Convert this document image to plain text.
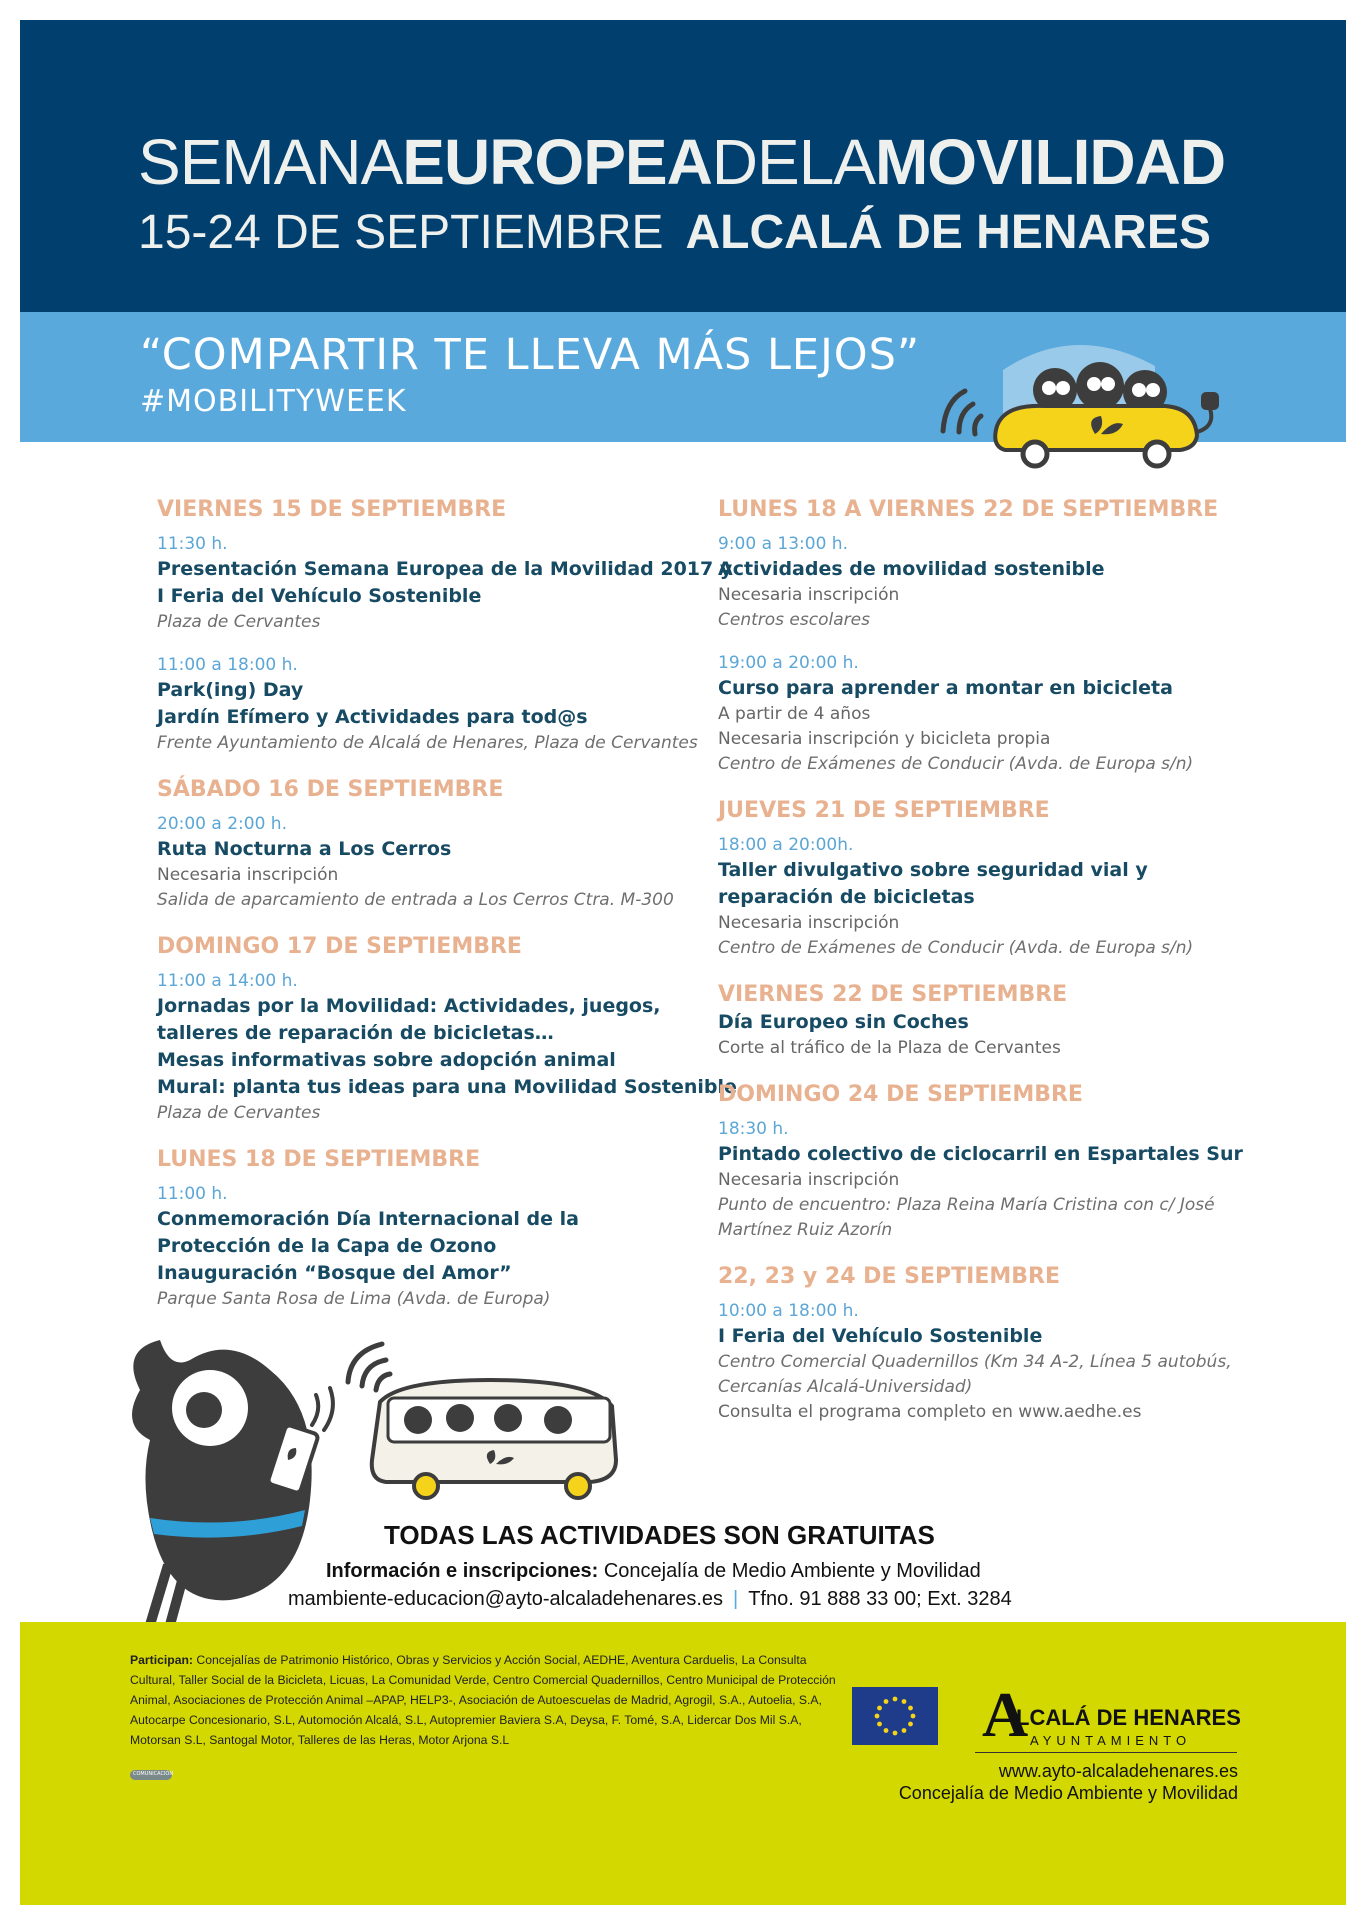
SEMANAEUROPEADELAMOVILIDAD
15-24 DE SEPTIEMBRE ALCALÁ DE HENARES
“COMPARTIR TE LLEVA MÁS LEJOS”
#MOBILITYWEEK
VIERNES 15 DE SEPTIEMBRE
11:30 h.
Presentación Semana Europea de la Movilidad 2017 y
I Feria del Vehículo Sostenible
Plaza de Cervantes
11:00 a 18:00 h.
Park(ing) Day
Jardín Efímero y Actividades para tod@s
Frente Ayuntamiento de Alcalá de Henares, Plaza de Cervantes
SÁBADO 16 DE SEPTIEMBRE
20:00 a 2:00 h.
Ruta Nocturna a Los Cerros
Necesaria inscripción
Salida de aparcamiento de entrada a Los Cerros Ctra. M-300
DOMINGO 17 DE SEPTIEMBRE
11:00 a 14:00 h.
Jornadas por la Movilidad: Actividades, juegos,
talleres de reparación de bicicletas…
Mesas informativas sobre adopción animal
Mural: planta tus ideas para una Movilidad Sostenible
Plaza de Cervantes
LUNES 18 DE SEPTIEMBRE
11:00 h.
Conmemoración Día Internacional de la
Protección de la Capa de Ozono
Inauguración “Bosque del Amor”
Parque Santa Rosa de Lima (Avda. de Europa)
LUNES 18 A VIERNES 22 DE SEPTIEMBRE
9:00 a 13:00 h.
Actividades de movilidad sostenible
Necesaria inscripción
Centros escolares
19:00 a 20:00 h.
Curso para aprender a montar en bicicleta
A partir de 4 años
Necesaria inscripción y bicicleta propia
Centro de Exámenes de Conducir (Avda. de Europa s/n)
JUEVES 21 DE SEPTIEMBRE
18:00 a 20:00h.
Taller divulgativo sobre seguridad vial y
reparación de bicicletas
Necesaria inscripción
Centro de Exámenes de Conducir (Avda. de Europa s/n)
VIERNES 22 DE SEPTIEMBRE
Día Europeo sin Coches
Corte al tráfico de la Plaza de Cervantes
DOMINGO 24 DE SEPTIEMBRE
18:30 h.
Pintado colectivo de ciclocarril en Espartales Sur
Necesaria inscripción
Punto de encuentro: Plaza Reina María Cristina con c/ José
Martínez Ruiz Azorín
22, 23 y 24 DE SEPTIEMBRE
10:00 a 18:00 h.
I Feria del Vehículo Sostenible
Centro Comercial Quadernillos (Km 34 A-2, Línea 5 autobús,
Cercanías Alcalá-Universidad)
Consulta el programa completo en www.aedhe.es
TODAS LAS ACTIVIDADES SON GRATUITAS
Información e inscripciones: Concejalía de Medio Ambiente y Movilidad
mambiente-educacion@ayto-alcaladehenares.es | Tfno. 91 888 33 00; Ext. 3284
Participan: Concejalías de Patrimonio Histórico, Obras y Servicios y Acción Social, AEDHE, Aventura Carduelis, La Consulta Cultural, Taller Social de la Bicicleta, Licuas, La Comunidad Verde, Centro Comercial Quadernillos, Centro Municipal de Protección Animal, Asociaciones de Protección Animal –APAP, HELP3-, Asociación de Autoescuelas de Madrid, Agrogil, S.A., Autoelia, S.A, Autocarpe Concesionario, S.L, Automoción Alcalá, S.L, Autopremier Baviera S.A, Deysa, F. Tomé, S.A, Lidercar Dos Mil S.A, Motorsan S.L, Santogal Motor, Talleres de las Heras, Motor Arjona S.L	A
LCALÁ DE HENARES
AYUNTAMIENTO
www.ayto-alcaladehenares.es
Concejalía de Medio Ambiente y Movilidad
COMUNICACIÓN
